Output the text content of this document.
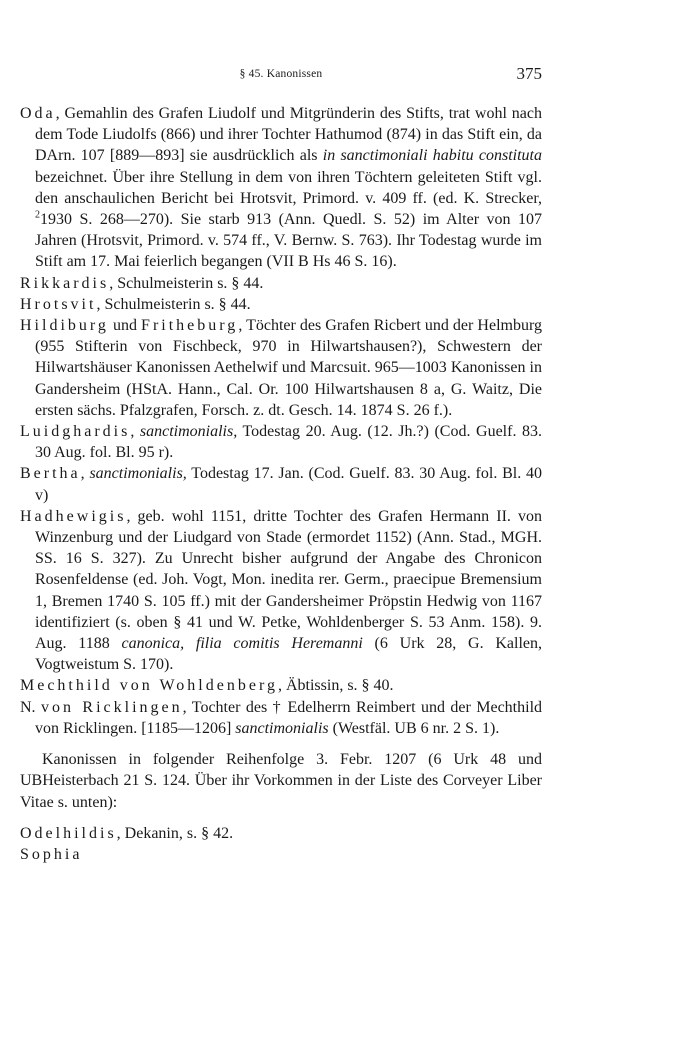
§ 45. Kanonissen	375

Oda, Gemahlin des Grafen Liudolf und Mitgründerin des Stifts, trat wohl nach dem Tode Liudolfs (866) und ihrer Tochter Hathumod (874) in das Stift ein, da DArn. 107 [889—893] sie ausdrücklich als in sanctimoniali habitu constituta bezeichnet. Über ihre Stellung in dem von ihren Töchtern geleiteten Stift vgl. den anschaulichen Bericht bei Hrotsvit, Primord. v. 409 ff. (ed. K. Strecker, $^2$1930 S. 268—270). Sie starb 913 (Ann. Quedl. S. 52) im Alter von 107 Jahren (Hrotsvit, Primord. v. 574 ff., V. Bernw. S. 763). Ihr Todestag wurde im Stift am 17. Mai feierlich begangen (VII B Hs 46 S. 16).

Rikkardis, Schulmeisterin s. § 44.

Hrotsvit, Schulmeisterin s. § 44.

Hildiburg und Fritheburg, Töchter des Grafen Ricbert und der Helmburg (955 Stifterin von Fischbeck, 970 in Hilwartshausen?), Schwestern der Hilwartshäuser Kanonissen Aethelwif und Marcsuit. 965—1003 Kanonissen in Gandersheim (HStA. Hann., Cal. Or. 100 Hilwartshausen 8 a, G. Waitz, Die ersten sächs. Pfalzgrafen, Forsch. z. dt. Gesch. 14. 1874 S. 26 f.).

Luidghardis, sanctimonialis, Todestag 20. Aug. (12. Jh.?) (Cod. Guelf. 83. 30 Aug. fol. Bl. 95 r).

Bertha, sanctimonialis, Todestag 17. Jan. (Cod. Guelf. 83. 30 Aug. fol. Bl. 40 v)

Hadhewigis, geb. wohl 1151, dritte Tochter des Grafen Hermann II. von Winzenburg und der Liudgard von Stade (ermordet 1152) (Ann. Stad., MGH. SS. 16 S. 327). Zu Unrecht bisher aufgrund der Angabe des Chronicon Rosenfeldense (ed. Joh. Vogt, Mon. inedita rer. Germ., praecipue Bremensium 1, Bremen 1740 S. 105 ff.) mit der Gandersheimer Pröpstin Hedwig von 1167 identifiziert (s. oben § 41 und W. Petke, Wohldenberger S. 53 Anm. 158). 9. Aug. 1188 canonica, filia comitis Heremanni (6 Urk 28, G. Kallen, Vogtweistum S. 170).

Mechthild von Wohldenberg, Äbtissin, s. § 40.

N. von Ricklingen, Tochter des † Edelherrn Reimbert und der Mechthild von Ricklingen. [1185—1206] sanctimonialis (Westfäl. UB 6 nr. 2 S. 1).

Kanonissen in folgender Reihenfolge 3. Febr. 1207 (6 Urk 48 und UBHeisterbach 21 S. 124. Über ihr Vorkommen in der Liste des Corveyer Liber Vitae s. unten):

Odelhildis, Dekanin, s. § 42.

Sophia
